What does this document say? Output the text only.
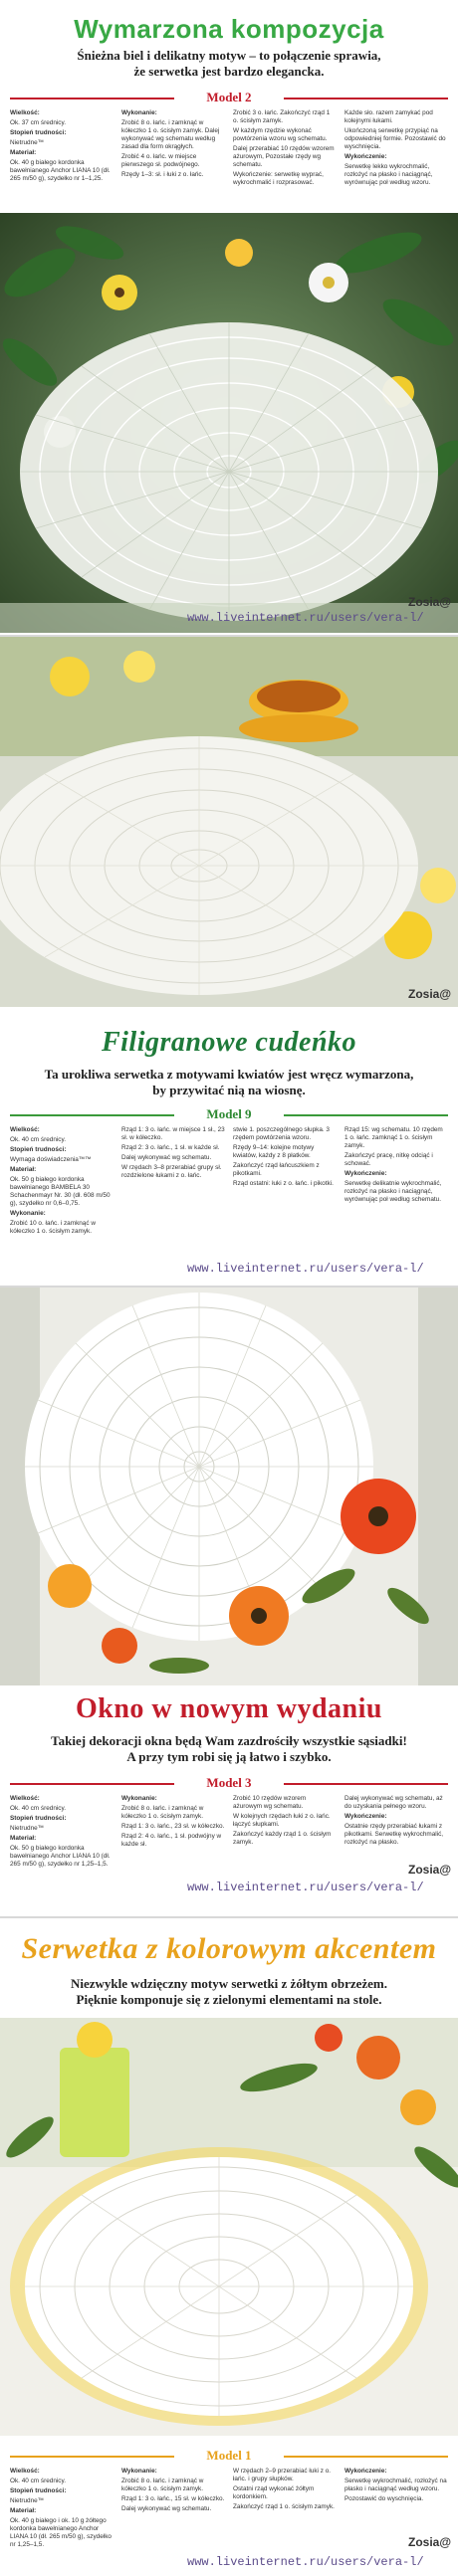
Wymarzona kompozycja
Śnieżna biel i delikatny motyw – to połączenie sprawia,
że serwetka jest bardzo elegancka.
Model 2

Wielkość:

Ok. 37 cm średnicy.

Stopień trudności:

Nietrudne™

Materiał:

Ok. 40 g białego kordonka bawełnianego Anchor LIANA 10 (dł. 265 m/50 g), szydełko nr 1–1,25.

Wykonanie:

Zrobić 8 o. łańc. i zamknąć w kółeczko 1 o. ścisłym zamyk. Dalej wykonywać wg schematu według zasad dla form okrągłych.

Zrobić 4 o. łańc. w miejsce pierwszego sł. podwójnego.

Rzędy 1–3: sł. i łuki z o. łańc.

Zrobić 3 o. łańc. Zakończyć rząd 1 o. ścisłym zamyk.

W każdym rzędzie wykonać powtórzenia wzoru wg schematu.

Dalej przerabiać 10 rzędów wzorem ażurowym, Pozostałe rzędy wg schematu.

Wykończenie: serwetkę wyprać, wykrochmalić i rozprasować.

Każde sło. razem zamykać pod kolejnymi łukami.

Ukończoną serwetkę przypiąć na odpowiedniej formie. Pozostawić do wyschnięcia.

Wykończenie:

Serwetkę lekko wykrochmalić, rozłożyć na płasko i naciągnąć, wyrównując poł według wzoru.

www.liveinternet.ru/users/vera-l/
Zosia@
Zosia@
Filigranowe cudeńko
Ta urokliwa serwetka z motywami kwiatów jest wręcz wymarzona,
by przywitać nią na wiosnę.
Model 9

Wielkość:

Ok. 40 cm średnicy.

Stopień trudności:

Wymaga doświadczenia™™

Materiał:

Ok. 50 g białego kordonka bawełnianego BAMBELA 30 Schachenmayr Nr. 30 (dł. 608 m/50 g), szydełko nr 0,6–0,75.

Wykonanie:

Zrobić 10 o. łańc. i zamknąć w kółeczko 1 o. ścisłym zamyk.

Rząd 1: 3 o. łańc. w miejsce 1 sł., 23 sł. w kółeczko.

Rząd 2: 3 o. łańc., 1 sł. w każde sł.

Dalej wykonywać wg schematu.

W rzędach 3–8 przerabiać grupy sł. rozdzielone łukami z o. łańc.

stwie 1. poszczególnego słupka. 3 rzędem powtórzenia wzoru.

Rzędy 9–14: kolejne motywy kwiatów, każdy z 8 płatków.

Zakończyć rząd łańcuszkiem z pikotkami.

Rząd ostatni: łuki z o. łańc. i pikotki.

Rząd 15: wg schematu. 10 rzędem 1 o. łańc. zamknąć 1 o. ścisłym zamyk.

Zakończyć pracę, nitkę odciąć i schować.

Wykończenie:

Serwetkę delikatnie wykrochmalić, rozłożyć na płasko i naciągnąć, wyrównując poł według schematu.

www.liveinternet.ru/users/vera-l/
Okno w nowym wydaniu
Takiej dekoracji okna będą Wam zazdrościły wszystkie sąsiadki!
A przy tym robi się ją łatwo i szybko.
Model 3

Wielkość:

Ok. 40 cm średnicy.

Stopień trudności:

Nietrudne™

Materiał:

Ok. 50 g białego kordonka bawełnianego Anchor LIANA 10 (dł. 265 m/50 g), szydełko nr 1,25–1,5.

Wykonanie:

Zrobić 8 o. łańc. i zamknąć w kółeczko 1 o. ścisłym zamyk.

Rząd 1: 3 o. łańc., 23 sł. w kółeczko.

Rząd 2: 4 o. łańc., 1 sł. podwójny w każde sł.

Zrobić 10 rzędów wzorem ażurowym wg schematu.

W kolejnych rzędach łuki z o. łańc. łączyć słupkami.

Zakończyć każdy rząd 1 o. ścisłym zamyk.

Dalej wykonywać wg schematu, aż do uzyskania pełnego wzoru.

Wykończenie:

Ostatnie rzędy przerabiać łukami z pikotkami. Serwetkę wykrochmalić, rozłożyć na płasko.

Zosia@
www.liveinternet.ru/users/vera-l/
Serwetka z kolorowym akcentem
Niezwykle wdzięczny motyw serwetki z żółtym obrzeżem.
Pięknie komponuje się z zielonymi elementami na stole.
Model 1

Wielkość:

Ok. 40 cm średnicy.

Stopień trudności:

Nietrudne™

Materiał:

Ok. 40 g białego i ok. 10 g żółtego kordonka bawełnianego Anchor LIANA 10 (dł. 265 m/50 g), szydełko nr 1,25–1,5.

Wykonanie:

Zrobić 8 o. łańc. i zamknąć w kółeczko 1 o. ścisłym zamyk.

Rząd 1: 3 o. łańc., 15 sł. w kółeczko.

Dalej wykonywać wg schematu.

W rzędach 2–9 przerabiać łuki z o. łańc. i grupy słupków.

Ostatni rząd wykonać żółtym kordonkiem.

Zakończyć rząd 1 o. ścisłym zamyk.

Wykończenie:

Serwetkę wykrochmalić, rozłożyć na płasko i naciągnąć według wzoru.

Pozostawić do wyschnięcia.

Zosia@
www.liveinternet.ru/users/vera-l/
